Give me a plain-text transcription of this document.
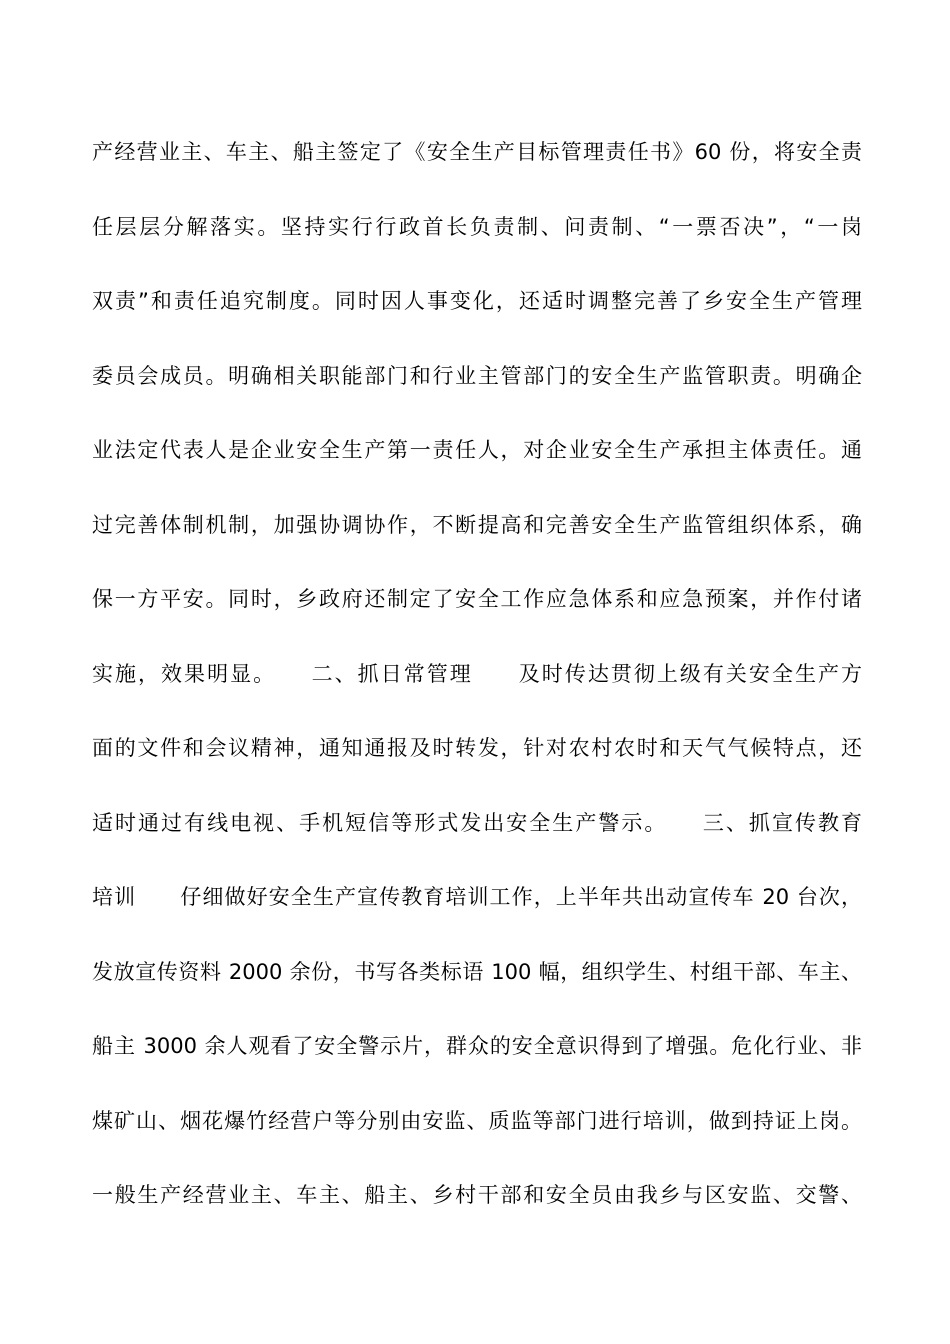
产经营业主、车主、船主签定了《安全生产目标管理责任书》60 份，将安全责
任层层分解落实。坚持实行行政首长负责制、问责制、“一票否决”，“一岗
双责”和责任追究制度。同时因人事变化，还适时调整完善了乡安全生产管理
委员会成员。明确相关职能部门和行业主管部门的安全生产监管职责。明确企
业法定代表人是企业安全生产第一责任人，对企业安全生产承担主体责任。通
过完善体制机制，加强协调协作，不断提高和完善安全生产监管组织体系，确
保一方平安。同时，乡政府还制定了安全工作应急体系和应急预案，并作付诸
实施，效果明显。　　二、抓日常管理　　及时传达贯彻上级有关安全生产方
面的文件和会议精神，通知通报及时转发，针对农村农时和天气气候特点，还
适时通过有线电视、手机短信等形式发出安全生产警示。　　三、抓宣传教育
培训　　仔细做好安全生产宣传教育培训工作，上半年共出动宣传车 20 台次，
发放宣传资料 2000 余份，书写各类标语 100 幅，组织学生、村组干部、车主、
船主 3000 余人观看了安全警示片，群众的安全意识得到了增强。危化行业、非
煤矿山、烟花爆竹经营户等分别由安监、质监等部门进行培训，做到持证上岗。
一般生产经营业主、车主、船主、乡村干部和安全员由我乡与区安监、交警、
